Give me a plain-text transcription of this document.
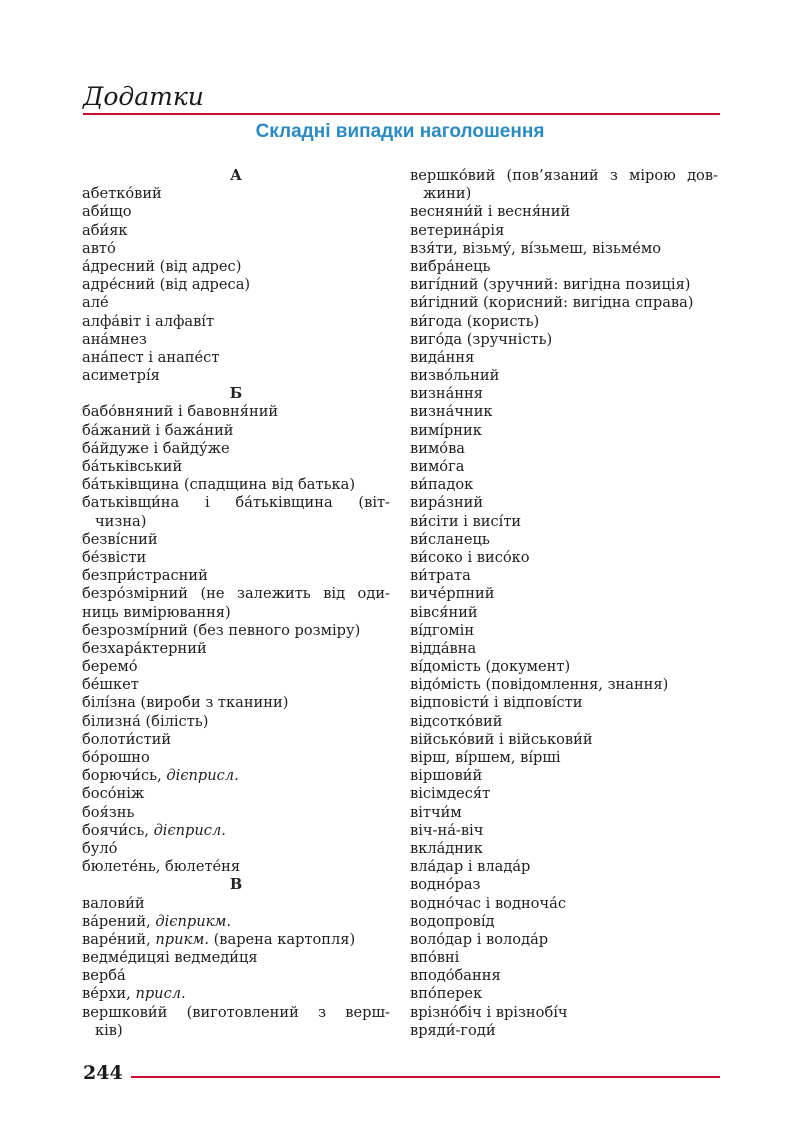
Додатки
Складні випадки наголошення
А
абетко́вий
аби́що
аби́як
авто́
а́дресний (від адрес)
адре́сний (від адреса)
але́
алфа́віт і алфаві́т
ана́мнез
ана́пест і анапе́ст
асиметрі́я
Б
бабо́вняний і бавовня́ний
ба́жаний і бажа́ний
ба́йдуже і байду́же
ба́тьківський
ба́тьківщина (спадщина від батька)
батьківщи́на і ба́тьківщина (віт-
чизна)
безві́сний
бе́звісти
безпри́страсний
безро́змірний (не залежить від оди-
ниць вимірювання)
безрозмі́рний (без певного розміру)
безхара́ктерний
беремо́
бе́шкет
білі́зна (вироби з тканини)
білизна́ (білість)
болоти́стий
бо́рошно
борючи́сь, дієприсл.
босо́ніж
боя́знь
боячи́сь, дієприсл.
було́
бюлете́нь, бюлете́ня
В
валови́й
ва́рений, дієприкм.
варе́ний, прикм. (варена картопля)
ведме́дицяі ведмеди́ця
верба́
ве́рхи, присл.
вершкови́й (виготовлений з верш-
ків)
вершко́вий (пов’язаний з мірою дов-
жини)
весняни́й і весня́ний
ветерина́рія
взя́ти, візьму́, ві́зьмеш, візьме́мо
вибра́нець
вигі́дний (зручний: вигідна позиція)
ви́гідний (корисний: вигідна справа)
ви́года (користь)
виго́да (зручність)
вида́ння
визво́льний
визна́ння
визна́чник
вимі́рник
вимо́ва
вимо́га
ви́падок
вира́зний
ви́сіти і висі́ти
ви́сланець
ви́соко і висо́ко
ви́трата
виче́рпний
вівся́ний
ві́дгомін
відда́вна
ві́домість (документ)
відо́мість (повідомлення, знання)
відповісти́ і відпові́сти
відсотко́вий
військо́вий і військови́й
вірш, ві́ршем, ві́рші
віршови́й
вісімдеся́т
вітчи́м
віч-на́-віч
вкла́дник
вла́дар і влада́р
водно́раз
водно́час і водноча́с
водопрові́д
воло́дар і волода́р
впо́вні
вподо́бання
впо́перек
врізно́біч і врізнобі́ч
вряди́-годи́
244
